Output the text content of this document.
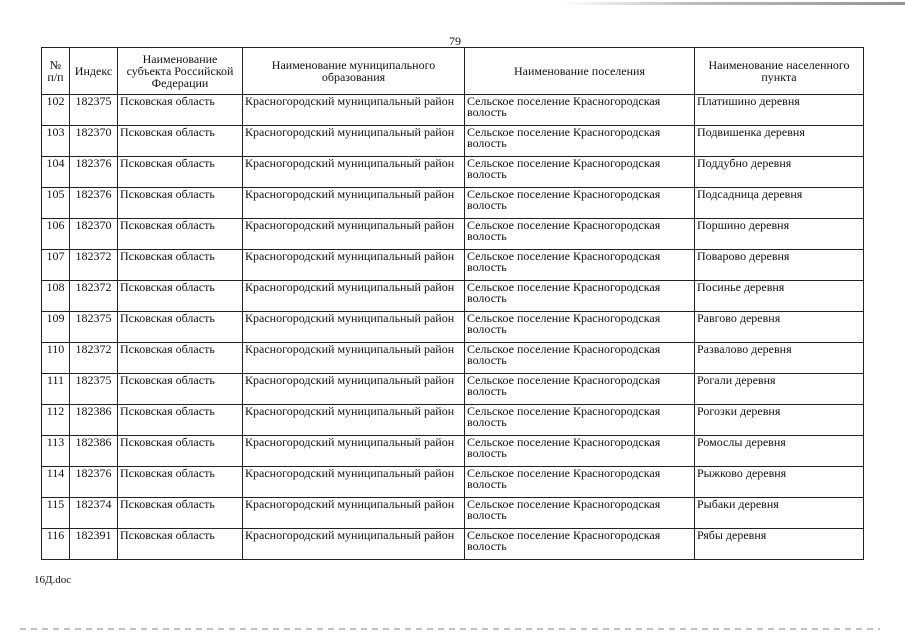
79
№ п/п	Индекс	Наименование субъекта Российской Федерации	Наименование муниципального образования	Наименование поселения	Наименование населенного пункта
102	182375	Псковская область	Красногородский муниципальный район	Сельское поселение Красногородская волость	Платишино деревня
103	182370	Псковская область	Красногородский муниципальный район	Сельское поселение Красногородская волость	Подвишенка деревня
104	182376	Псковская область	Красногородский муниципальный район	Сельское поселение Красногородская волость	Поддубно деревня
105	182376	Псковская область	Красногородский муниципальный район	Сельское поселение Красногородская волость	Подсадница деревня
106	182370	Псковская область	Красногородский муниципальный район	Сельское поселение Красногородская волость	Поршино деревня
107	182372	Псковская область	Красногородский муниципальный район	Сельское поселение Красногородская волость	Поварово деревня
108	182372	Псковская область	Красногородский муниципальный район	Сельское поселение Красногородская волость	Посинье деревня
109	182375	Псковская область	Красногородский муниципальный район	Сельское поселение Красногородская волость	Равгово деревня
110	182372	Псковская область	Красногородский муниципальный район	Сельское поселение Красногородская волость	Развалово деревня
111	182375	Псковская область	Красногородский муниципальный район	Сельское поселение Красногородская волость	Рогали деревня
112	182386	Псковская область	Красногородский муниципальный район	Сельское поселение Красногородская волость	Рогозки деревня
113	182386	Псковская область	Красногородский муниципальный район	Сельское поселение Красногородская волость	Ромослы деревня
114	182376	Псковская область	Красногородский муниципальный район	Сельское поселение Красногородская волость	Рыжково деревня
115	182374	Псковская область	Красногородский муниципальный район	Сельское поселение Красногородская волость	Рыбаки деревня
116	182391	Псковская область	Красногородский муниципальный район	Сельское поселение Красногородская волость	Рябы деревня
16Д.doc
